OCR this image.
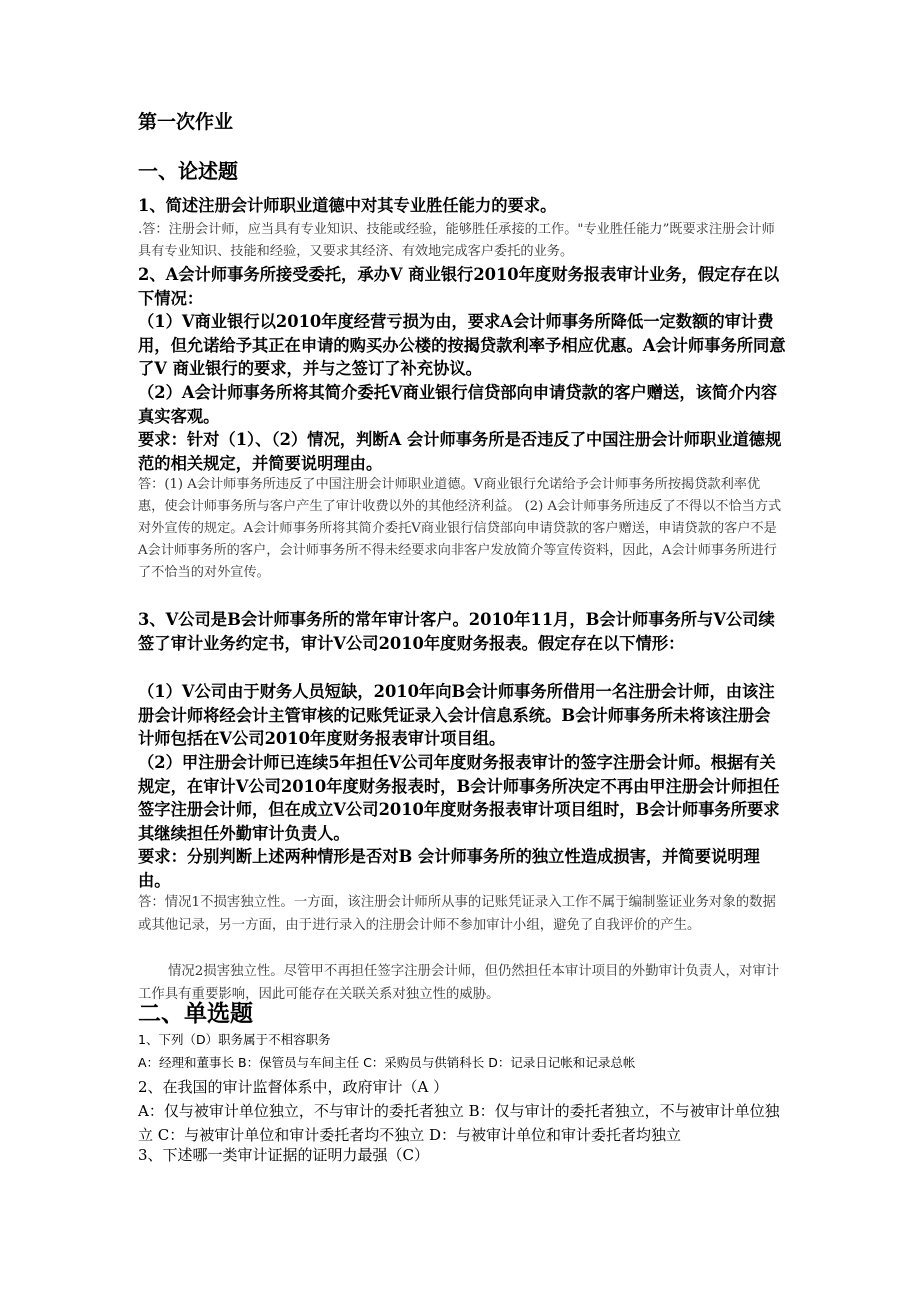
第一次作业
一、论述题

1、简述注册会计师职业道德中对其专业胜任能力的要求。

.答：注册会计师，应当具有专业知识、技能或经验，能够胜任承接的工作。"专业胜任能力”既要求注册会计师具有专业知识、技能和经验，又要求其经济、有效地完成客户委托的业务。

2、A会计师事务所接受委托，承办V 商业银行2010年度财务报表审计业务，假定存在以下情况：

（1）V商业银行以2010年度经营亏损为由，要求A会计师事务所降低一定数额的审计费用，但允诺给予其正在申请的购买办公楼的按揭贷款利率予相应优惠。A会计师事务所同意了V 商业银行的要求，并与之签订了补充协议。

（2）A会计师事务所将其简介委托V商业银行信贷部向申请贷款的客户赠送，该简介内容真实客观。

要求：针对（1）、（2）情况，判断A 会计师事务所是否违反了中国注册会计师职业道德规范的相关规定，并简要说明理由。

答：(1) A会计师事务所违反了中国注册会计师职业道德。V商业银行允诺给予会计师事务所按揭贷款利率优惠，使会计师事务所与客户产生了审计收费以外的其他经济利益。 (2) A会计师事务所违反了不得以不恰当方式对外宣传的规定。A会计师事务所将其简介委托V商业银行信贷部向申请贷款的客户赠送，申请贷款的客户不是A会计师事务所的客户，会计师事务所不得未经要求向非客户发放简介等宣传资料，因此，A会计师事务所进行了不恰当的对外宣传。

3、V公司是B会计师事务所的常年审计客户。2010年11月，B会计师事务所与V公司续签了审计业务约定书，审计V公司2010年度财务报表。假定存在以下情形：

（1）V公司由于财务人员短缺，2010年向B会计师事务所借用一名注册会计师，由该注册会计师将经会计主管审核的记账凭证录入会计信息系统。B会计师事务所未将该注册会计师包括在V公司2010年度财务报表审计项目组。

（2）甲注册会计师已连续5年担任V公司年度财务报表审计的签字注册会计师。根据有关规定，在审计V公司2010年度财务报表时，B会计师事务所决定不再由甲注册会计师担任签字注册会计师，但在成立V公司2010年度财务报表审计项目组时，B会计师事务所要求其继续担任外勤审计负责人。

要求：分别判断上述两种情形是否对B 会计师事务所的独立性造成损害，并简要说明理由。

答：情况1不损害独立性。一方面，该注册会计师所从事的记账凭证录入工作不属于编制鉴证业务对象的数据或其他记录，另一方面，由于进行录入的注册会计师不参加审计小组，避免了自我评价的产生。

情况2损害独立性。尽管甲不再担任签字注册会计师，但仍然担任本审计项目的外勤审计负责人，对审计工作具有重要影响，因此可能存在关联关系对独立性的威胁。

二、单选题

1、下列（D）职务属于不相容职务

A：经理和董事长 B：保管员与车间主任 C：采购员与供销科长 D：记录日记帐和记录总帐

2、在我国的审计监督体系中，政府审计（A ）

A：仅与被审计单位独立，不与审计的委托者独立 B：仅与审计的委托者独立，不与被审计单位独立 C：与被审计单位和审计委托者均不独立 D：与被审计单位和审计委托者均独立

3、下述哪一类审计证据的证明力最强（C）
